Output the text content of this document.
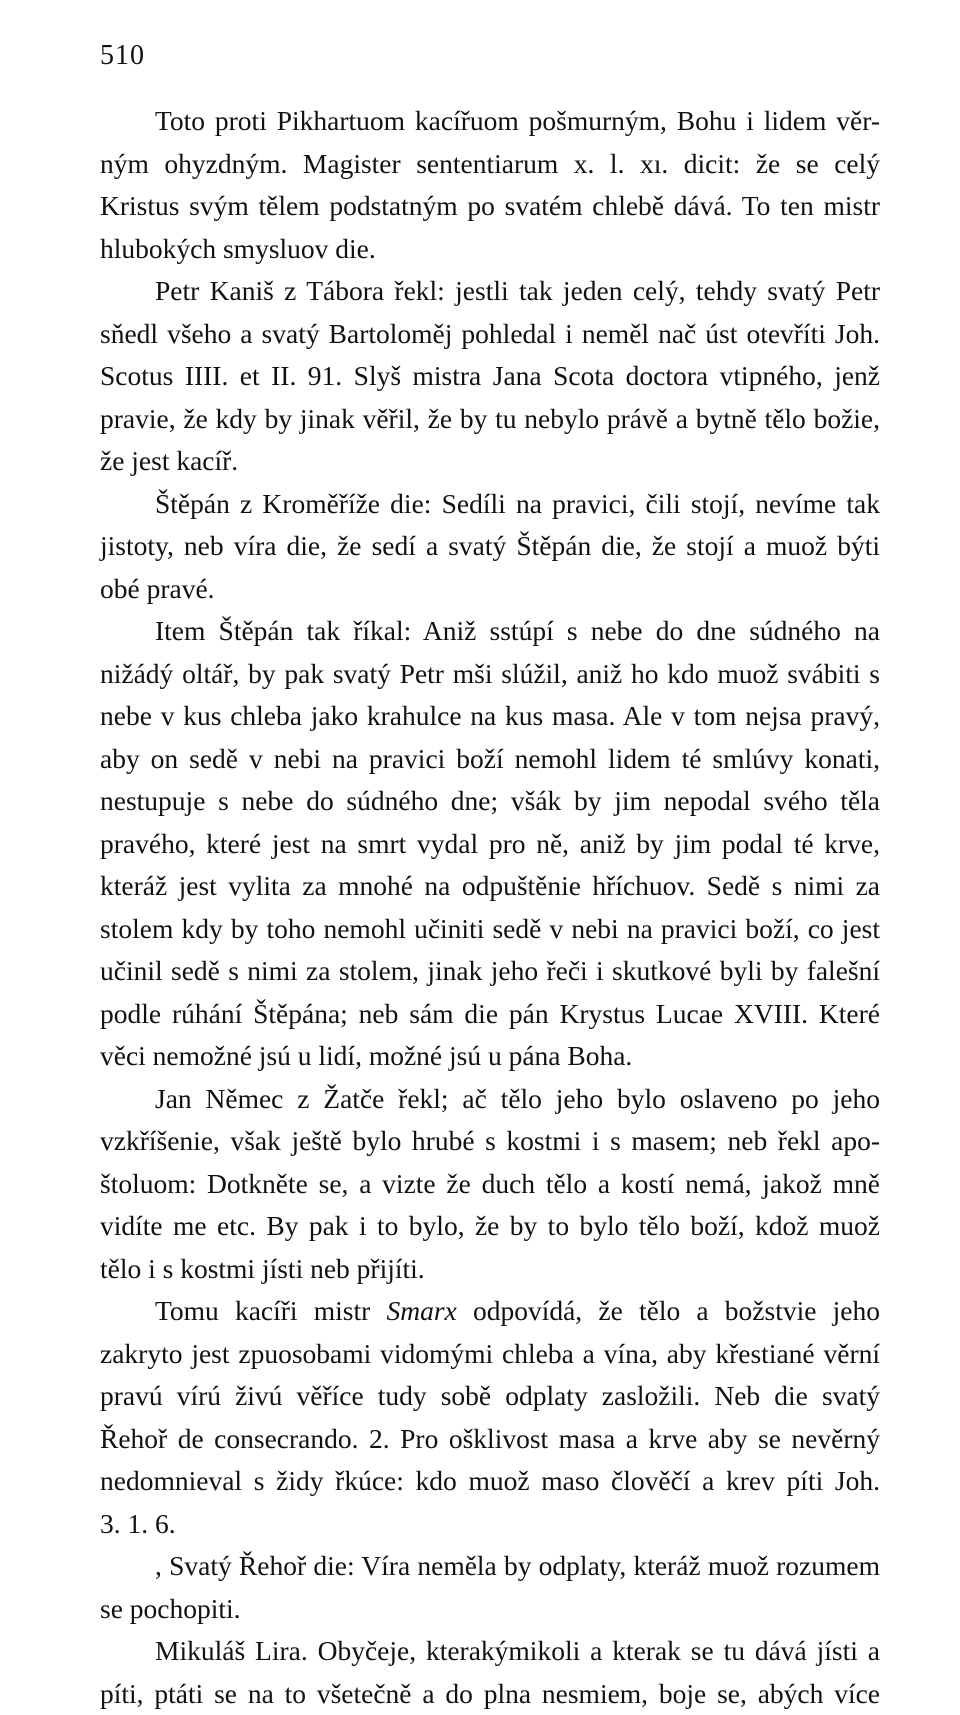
510
Toto proti Pikhartuom kacířuom pošmurným, Bohu i lidem věr-
ným ohyzdným. Magister sententiarum x. l. xı. dicit: že se celý
Kristus svým tělem podstatným po svatém chlebě dává. To ten mistr
hlubokých smysluov die.
Petr Kaniš z Tábora řekl: jestli tak jeden celý, tehdy svatý Petr
sňedl všeho a svatý Bartoloměj pohledal i neměl nač úst otevříti Joh.
Scotus IIII. et II. 91. Slyš mistra Jana Scota doctora vtipného, jenž
pravie, že kdy by jinak věřil, že by tu nebylo právě a bytně tělo božie,
že jest kacíř.
Štěpán z Kroměříže die: Sedíli na pravici, čili stojí, nevíme tak
jistoty, neb víra die, že sedí a svatý Štěpán die, že stojí a muož býti
obé pravé.
Item Štěpán tak říkal: Aniž sstúpí s nebe do dne súdného na
nižádý oltář, by pak svatý Petr mši slúžil, aniž ho kdo muož svábiti s
nebe v kus chleba jako krahulce na kus masa. Ale v tom nejsa pravý,
aby on sedě v nebi na pravici boží nemohl lidem té smlúvy konati,
nestupuje s nebe do súdného dne; všák by jim nepodal svého těla
pravého, které jest na smrt vydal pro ně, aniž by jim podal té krve,
kteráž jest vylita za mnohé na odpuštěnie hříchuov. Sedě s nimi za
stolem kdy by toho nemohl učiniti sedě v nebi na pravici boží, co jest
učinil sedě s nimi za stolem, jinak jeho řeči i skutkové byli by falešní
podle rúhání Štěpána; neb sám die pán Krystus Lucae XVIII. Které
věci nemožné jsú u lidí, možné jsú u pána Boha.
Jan Němec z Žatče řekl; ač tělo jeho bylo oslaveno po jeho
vzkříšenie, však ještě bylo hrubé s kostmi i s masem; neb řekl apo-
štoluom: Dotkněte se, a vizte že duch tělo a kostí nemá, jakož mně
vidíte me etc. By pak i to bylo, že by to bylo tělo boží, kdož muož
tělo i s kostmi jísti neb přijíti.
Tomu kacíři mistr Smarx odpovídá, že tělo a božstvie jeho
zakryto jest zpuosobami vidomými chleba a vína, aby křestiané věrní
pravú vírú živú věříce tudy sobě odplaty zasložili. Neb die svatý
Řehoř de consecrando. 2. Pro ošklivost masa a krve aby se nevěrný
nedomnieval s židy řkúce: kdo muož maso člověčí a krev píti Joh.
3. 1. 6.
, Svatý Řehoř die: Víra neměla by odplaty, kteráž muož rozumem
se pochopiti.
Mikuláš Lira. Obyčeje, kterakýmikoli a kterak se tu dává jísti a
píti, ptáti se na to všetečně a do plna nesmiem, boje se, abých více
